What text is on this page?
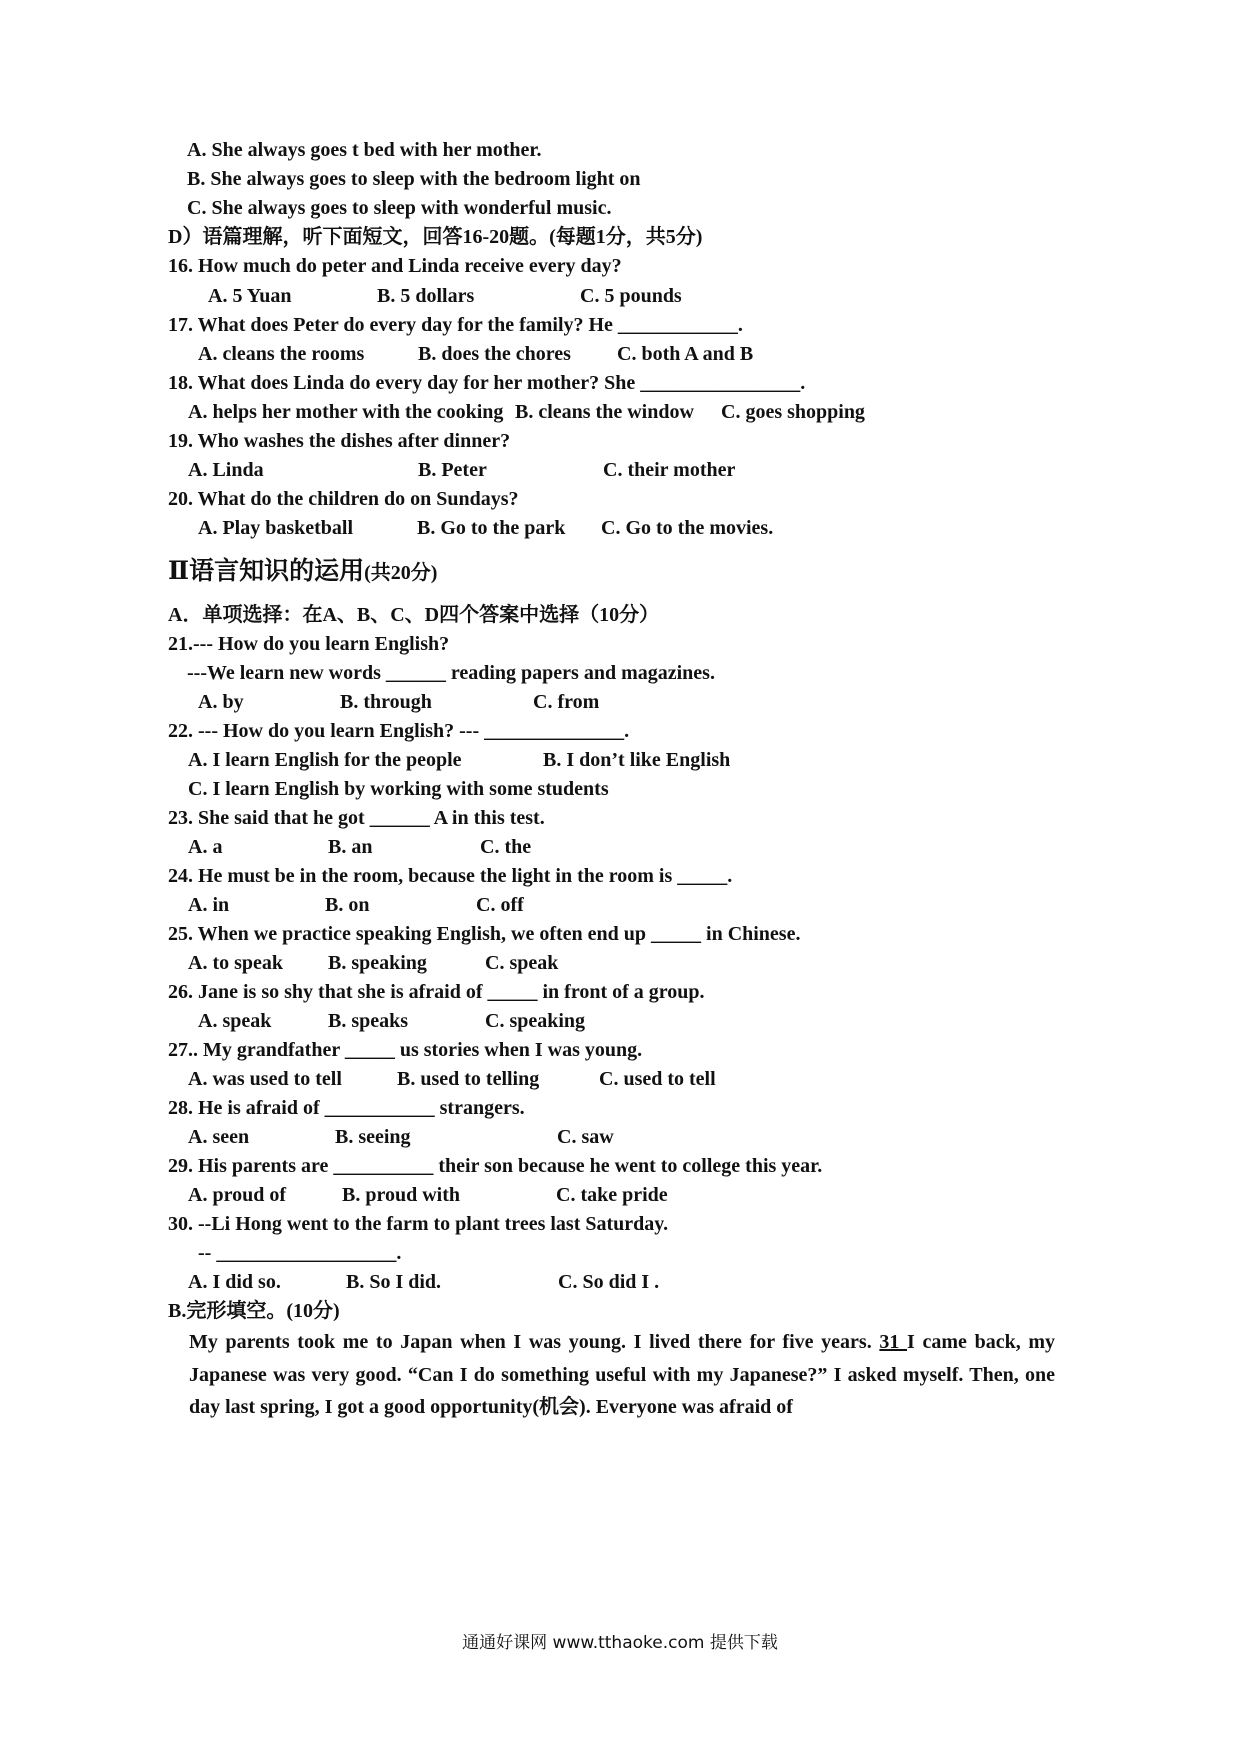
A. She always goes t bed with her mother.
B. She always goes to sleep with the bedroom light on
C. She always goes to sleep with wonderful music.
D）语篇理解，听下面短文，回答16-20题。(每题1分，共5分)
16. How much do peter and Linda receive every day?
A. 5 Yuan	B. 5 dollars	C. 5 pounds
17. What does Peter do every day for the family? He ____________.
A. cleans the rooms	B. does the chores C. both A and B
18. What does Linda do every day for her mother? She ________________.
A. helps her mother with the cooking B. cleans the window C. goes shopping
19. Who washes the dishes after dinner?
A. Linda	B. Peter	C. their mother
20. What do the children do on Sundays?
A. Play basketball	B. Go to the park C. Go to the movies.
Ⅱ语言知识的运用(共20分)
A．单项选择：在A、B、C、D四个答案中选择（10分）
21.--- How do you learn English?
---We learn new words ______ reading papers and magazines.
A. by	B. through	C. from
22. --- How do you learn English? --- ______________.
A. I learn English for the people	B. I don’t like English
C. I learn English by working with some students
23. She said that he got ______ A in this test.
A. a	B. an	C. the
24. He must be in the room, because the light in the room is _____.
A. in	B. on	C. off
25. When we practice speaking English, we often end up _____ in Chinese.
A. to speak B. speaking	C. speak
26. Jane is so shy that she is afraid of _____ in front of a group.
A. speak	B. speaks	C. speaking
27.. My grandfather _____ us stories when I was young.
A. was used to tell	B. used to telling	C. used to tell
28. He is afraid of ___________ strangers.
A. seen	B. seeing	C. saw
29. His parents are __________ their son because he went to college this year.
A. proud of	B. proud with	C. take pride
30. --Li Hong went to the farm to plant trees last Saturday.
-- __________________.
A. I did so.	B. So I did.	C. So did I .
B.完形填空。(10分)
My parents took me to Japan when I was young. I lived there for five years. 31 I came back, my Japanese was very good. “Can I do something useful with my Japanese?” I asked myself. Then, one day last spring, I got a good opportunity(机会). Everyone was afraid of
通通好课网 www.tthaoke.com 提供下载
